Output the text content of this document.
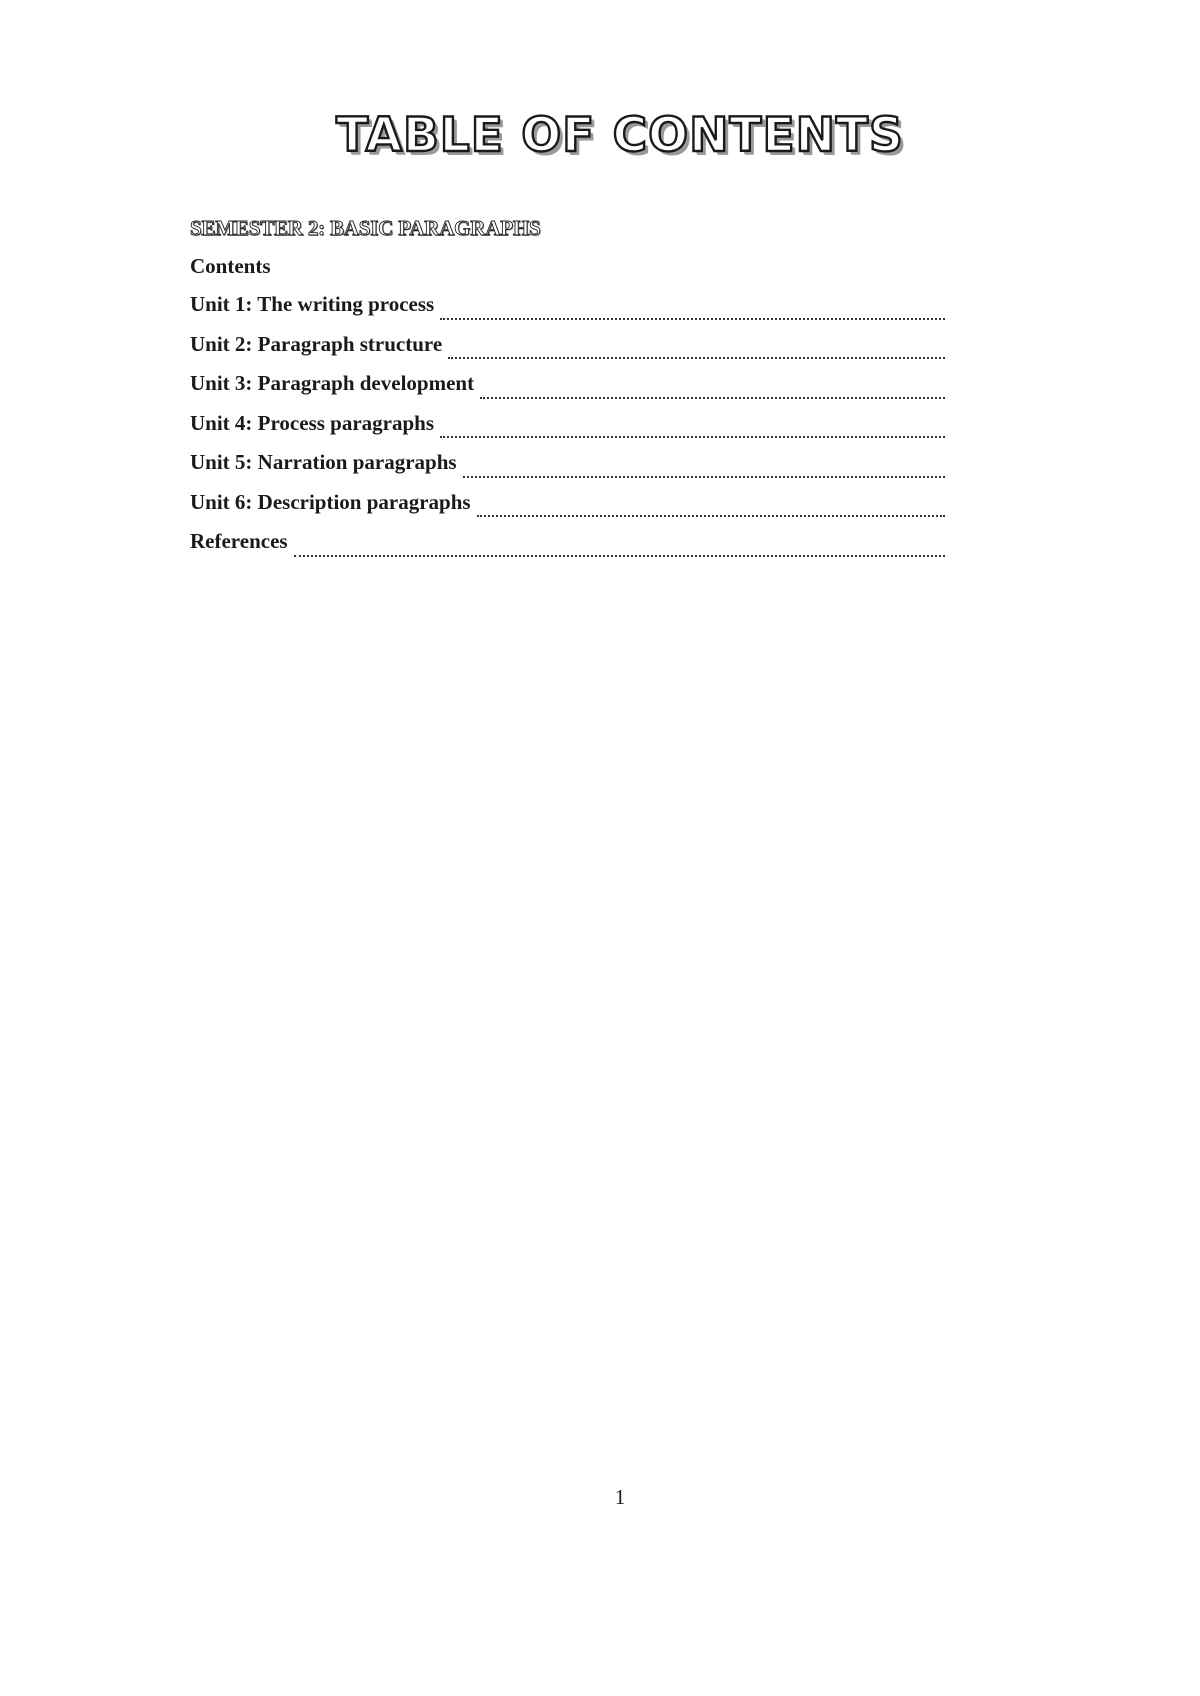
TABLE OF CONTENTS
SEMESTER 2: BASIC PARAGRAPHS
Contents
Unit 1: The writing process
Unit 2: Paragraph structure
Unit 3: Paragraph development
Unit 4: Process paragraphs
Unit 5: Narration paragraphs
Unit 6: Description paragraphs
References
1
